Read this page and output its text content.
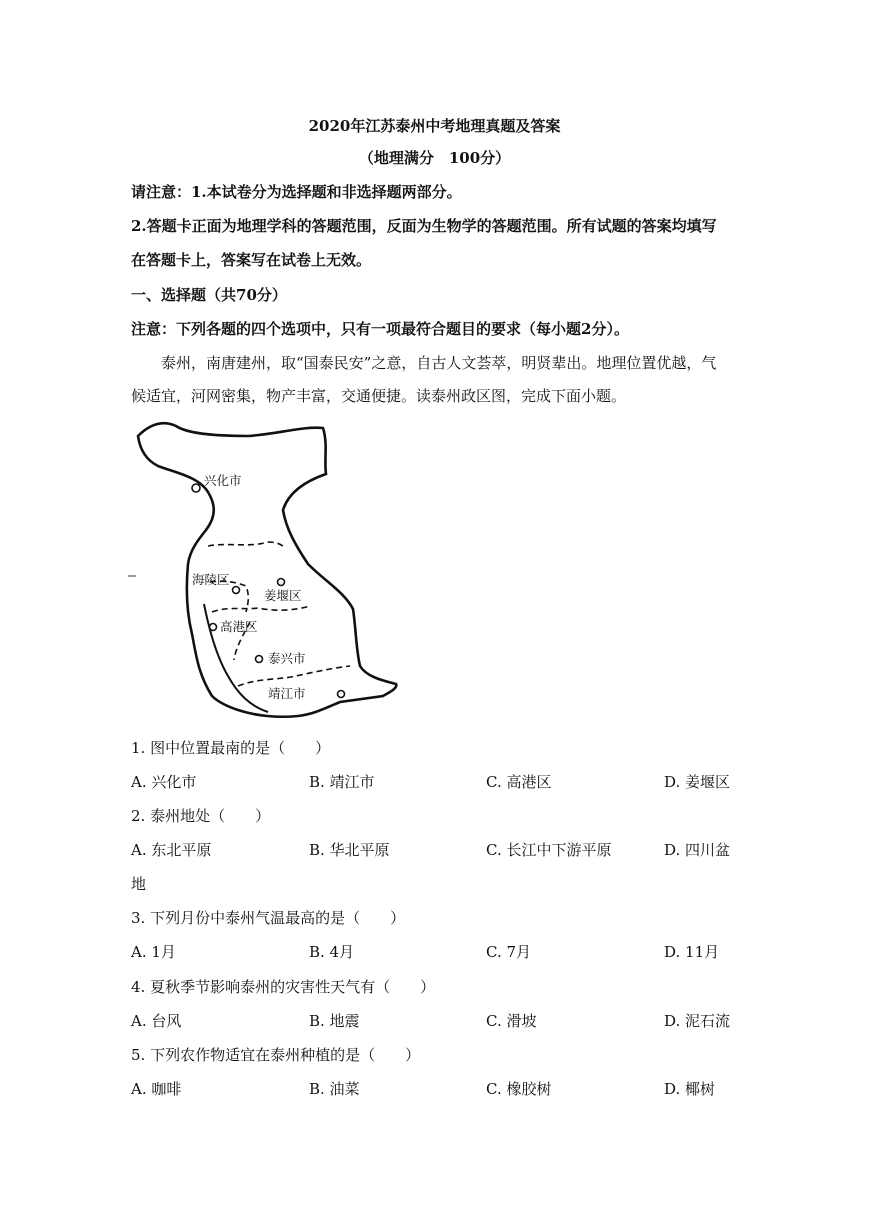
2020年江苏泰州中考地理真题及答案
（地理满分　100分）
请注意：1.本试卷分为选择题和非选择题两部分。
2.答题卡正面为地理学科的答题范围，反面为生物学的答题范围。所有试题的答案均填写
在答题卡上，答案写在试卷上无效。
一、选择题（共70分）
注意：下列各题的四个选项中，只有一项最符合题目的要求（每小题2分）。
泰州，南唐建州，取“国泰民安”之意，自古人文荟萃，明贤辈出。地理位置优越，气
候适宜，河网密集，物产丰富，交通便捷。读泰州政区图，完成下面小题。
兴化市
海陵区
姜堰区
高港区
泰兴市
靖江市
1. 图中位置最南的是（　　）
A. 兴化市	B. 靖江市	C. 高港区	D. 姜堰区
2. 泰州地处（　　）
A. 东北平原	B. 华北平原	C. 长江中下游平原	D. 四川盆
地
3. 下列月份中泰州气温最高的是（　　）
A. 1月	B. 4月	C. 7月	D. 11月
4. 夏秋季节影响泰州的灾害性天气有（　　）
A. 台风	B. 地震	C. 滑坡	D. 泥石流
5. 下列农作物适宜在泰州种植的是（　　）
A. 咖啡	B. 油菜	C. 橡胶树	D. 椰树
